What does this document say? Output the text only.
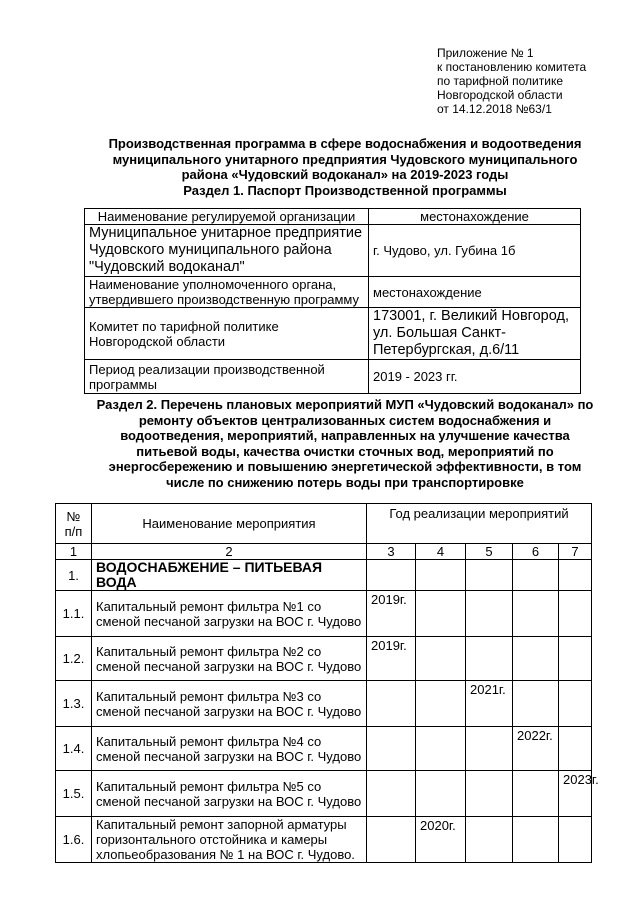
Приложение № 1
к постановлению комитета
по тарифной политике
Новгородской области
от 14.12.2018 №63/1
Производственная программа в сфере водоснабжения и водоотведения
муниципального унитарного предприятия Чудовского муниципального
района «Чудовский водоканал» на 2019-2023 годы
Раздел 1. Паспорт Производственной программы
Наименование регулируемой организации	местонахождение
Муниципальное унитарное предприятие Чудовского муниципального района "Чудовский водоканал"	г. Чудово, ул. Губина 1б
Наименование уполномоченного органа, утвердившего производственную программу	местонахождение
Комитет по тарифной политике Новгородской области	173001, г. Великий Новгород, ул. Большая Санкт-Петербургская, д.6/11
Период реализации производственной программы	2019 - 2023 гг.
Раздел 2. Перечень плановых мероприятий МУП «Чудовский водоканал» по
ремонту объектов централизованных систем водоснабжения и
водоотведения, мероприятий, направленных на улучшение качества
питьевой воды, качества очистки сточных вод, мероприятий по
энергосбережению и повышению энергетической эффективности, в том
числе по снижению потерь воды при транспортировке
№ п/п	Наименование мероприятия	Год реализации мероприятий				
1	2	3	4	5	6	7
1.	ВОДОСНАБЖЕНИЕ – ПИТЬЕВАЯ ВОДА					
1.1.	Капитальный ремонт фильтра №1 со сменой песчаной загрузки на ВОС г. Чудово	2019г.				
1.2.	Капитальный ремонт фильтра №2 со сменой песчаной загрузки на ВОС г. Чудово	2019г.				
1.3.	Капитальный ремонт фильтра №3 со сменой песчаной загрузки на ВОС г. Чудово			2021г.		
1.4.	Капитальный ремонт фильтра №4 со сменой песчаной загрузки на ВОС г. Чудово				2022г.	
1.5.	Капитальный ремонт фильтра №5 со сменой песчаной загрузки на ВОС г. Чудово					2023г.
1.6.	Капитальный ремонт запорной арматуры горизонтального отстойника и камеры хлопьеобразования № 1 на ВОС г. Чудово.		2020г.			
